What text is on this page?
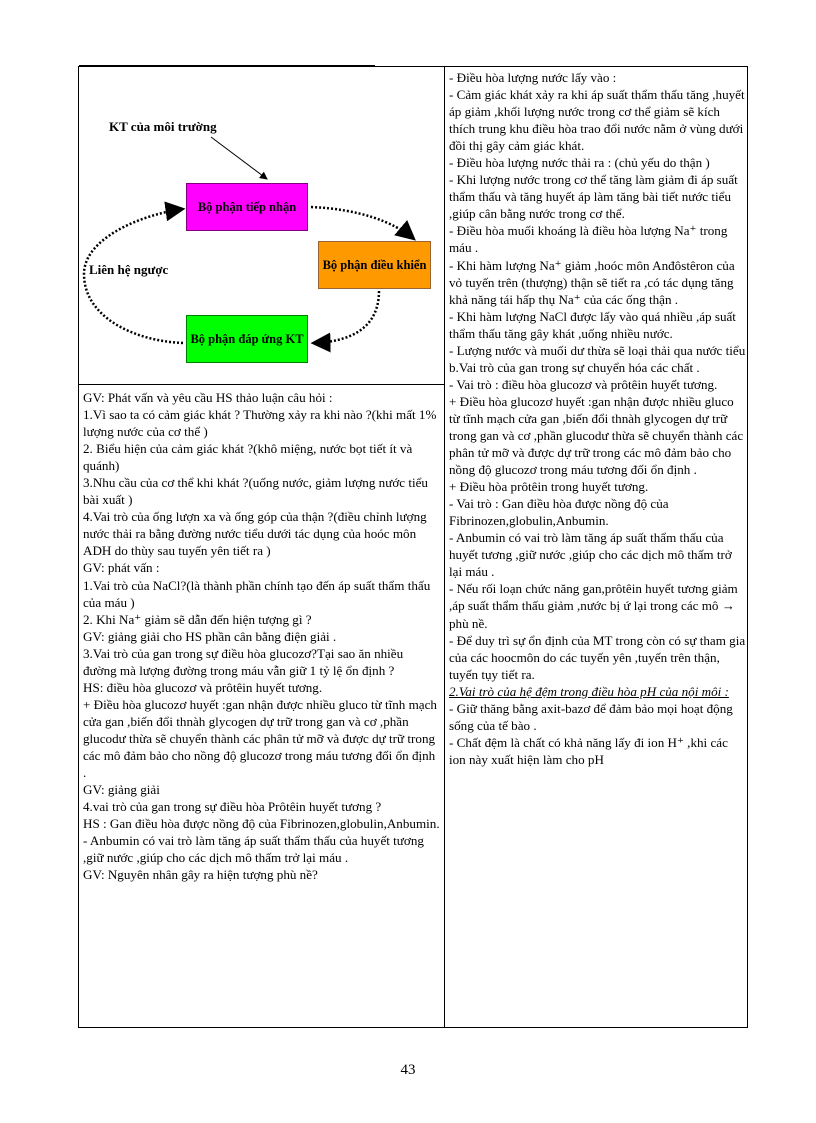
KT của môi trường
Liên hệ ngược
Bộ phận tiếp nhận
Bộ phận điều khiển
Bộ phận đáp ứng KT
GV: Phát vấn và yêu cầu HS thảo luận câu hỏi :
1.Vì sao ta có cảm giác khát ? Thường xảy ra khi nào ?(khi mất 1% lượng nước của cơ thể )
2. Biểu hiện của cảm giác khát ?(khô miệng, nước bọt tiết ít và quánh)
3.Nhu cầu của cơ thể khi khát ?(uống nước, giảm lượng nước tiểu bài xuất )
4.Vai trò của ống lượn xa và ống góp của thận ?(điều chỉnh lượng nước thải ra bằng đường nước tiểu dưới tác dụng của hoóc môn ADH do thùy sau tuyến yên tiết ra )
GV: phát vấn :
1.Vai trò của NaCl?(là thành phần chính tạo đến áp suất thẩm thấu của máu )
2. Khi Na⁺ giảm sẽ dẫn đến hiện tượng gì ?
GV: giảng giải cho HS phần cân bằng điện giải .
3.Vai trò của gan trong sự điều hòa glucozơ?Tại sao ăn nhiều đường mà lượng đường trong máu vẫn giữ 1 tỷ lệ ổn định ?
HS: điều hòa glucozơ và prôtêin huyết tương.
+ Điều hòa glucozơ huyết :gan nhận được nhiều gluco từ tĩnh mạch cửa gan ,biến đổi thnàh glycogen dự trữ trong gan và cơ ,phần glucodư thừa sẽ chuyển thành các phân tử mỡ và được dự trữ trong các mô đảm bảo cho nồng độ glucozơ trong máu tương đối ổn định .
GV: giảng giải
4.vai trò của gan trong sự điều hòa Prôtêin huyết tương ?
HS : Gan điều hòa được nồng độ của Fibrinozen,globulin,Anbumin.
- Anbumin có vai trò làm tăng áp suất thẩm thấu của huyết tương ,giữ nước ,giúp cho các dịch mô thấm trở lại máu .
GV: Nguyên nhân gây ra hiện tượng phù nề?
- Điều hòa lượng nước lấy vào :
- Cảm giác khát xảy ra khi áp suất thẩm thấu tăng ,huyết áp giảm ,khối lượng nước trong cơ thể giảm sẽ kích thích trung khu điều hòa trao đổi nước nằm ở vùng dưới đồi thị gây cảm giác khát.
- Điều hòa lượng nước thải ra : (chủ yếu do thận )
- Khi lượng nước trong cơ thể tăng làm giảm đi áp suất thẩm thấu và tăng huyết áp làm tăng bài tiết nước tiểu ,giúp cân bằng nước trong cơ thể.
- Điều hòa muối khoáng là điều hòa lượng Na⁺ trong máu .
- Khi hàm lượng Na⁺ giảm ,hoóc môn Anđôstêron của vỏ tuyến trên (thượng) thận sẽ tiết ra ,có tác dụng tăng khả năng tái hấp thụ Na⁺ của các ống thận .
- Khi hàm lượng NaCl được lấy vào quá nhiều ,áp suất thẩm thấu tăng gây khát ,uống nhiều nước.
- Lượng nước và muối dư thừa sẽ loại thải qua nước tiểu
b.Vai trò của gan trong sự chuyển hóa các chất .
- Vai trò : điều hòa glucozơ và prôtêin huyết tương.
+ Điều hòa glucozơ huyết :gan nhận được nhiều gluco từ tĩnh mạch cửa gan ,biến đổi thnàh glycogen dự trữ trong gan và cơ ,phần glucodư thừa sẽ chuyển thành các phân tử mỡ và được dự trữ trong các mô đảm bảo cho nồng độ glucozơ trong máu tương đối ổn định .
+ Điều hòa prôtêin trong huyết tương.
- Vai trò : Gan điều hòa được nồng độ của Fibrinozen,globulin,Anbumin.
- Anbumin có vai trò làm tăng áp suất thẩm thấu của huyết tương ,giữ nước ,giúp cho các dịch mô thấm trở lại máu .
- Nếu rối loạn chức năng gan,prôtêin huyết tương giảm ,áp suất thẩm thấu giảm ,nước bị ứ lại trong các mô → phù nề.
- Để duy trì sự ổn định của MT trong còn có sự tham gia của các hoocmôn do các tuyến yên ,tuyến trên thận, tuyến tụy tiết ra.
2.Vai trò của hệ đệm trong điều hòa pH của nội môi :
- Giữ thăng bằng axit-bazơ để đảm bảo mọi hoạt động sống của tế bào .
- Chất đệm là chất có khả năng lấy đi ion H⁺ ,khi các ion này xuất hiện làm cho pH
43
